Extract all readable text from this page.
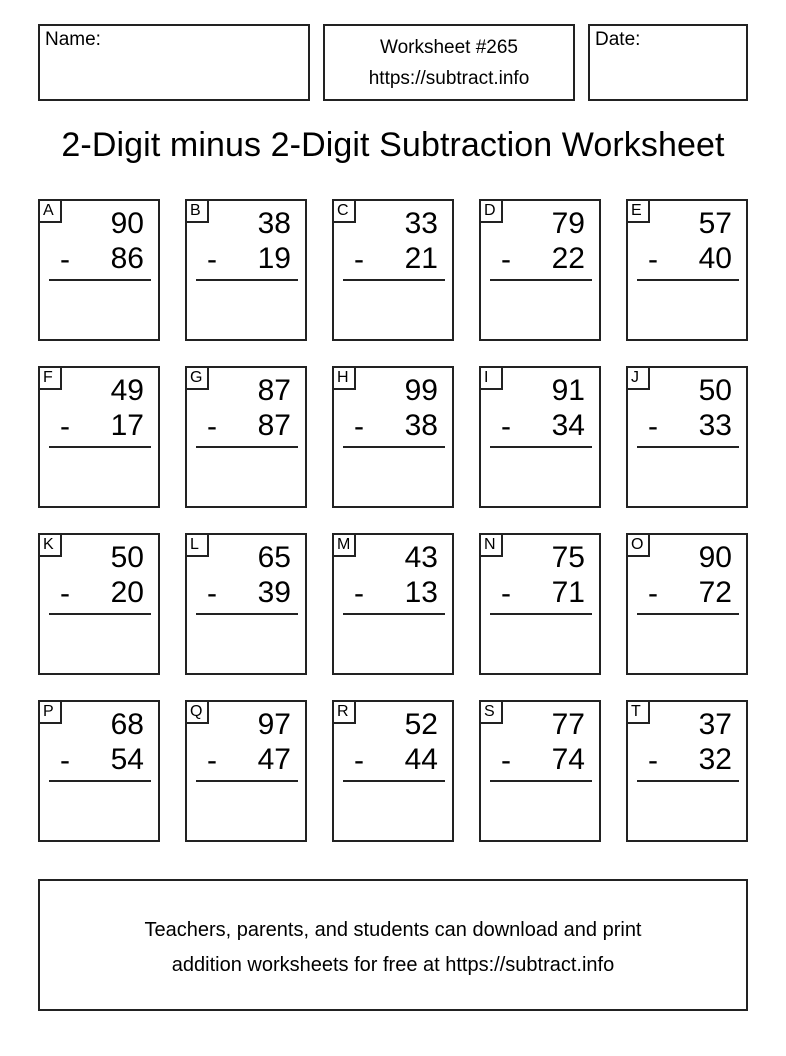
Name:	Worksheet #265
https://subtract.info
Date:
2-Digit minus 2-Digit Subtraction Worksheet
A 90
- 86
B 38
- 19
C 33
- 21
D 79
- 22
E 57
- 40
F	49
- 17
G 87
- 87
H 99
- 38
I	91
- 34
J	50
- 33
K 50
- 20
L	65
- 39
M 43
- 13
N 75
- 71
O 90
- 72
P 68
- 54
Q 97
- 47
R 52
- 44
S 77
- 74
T	37
- 32
Teachers, parents, and students can download and print
addition worksheets for free at https://subtract.info
